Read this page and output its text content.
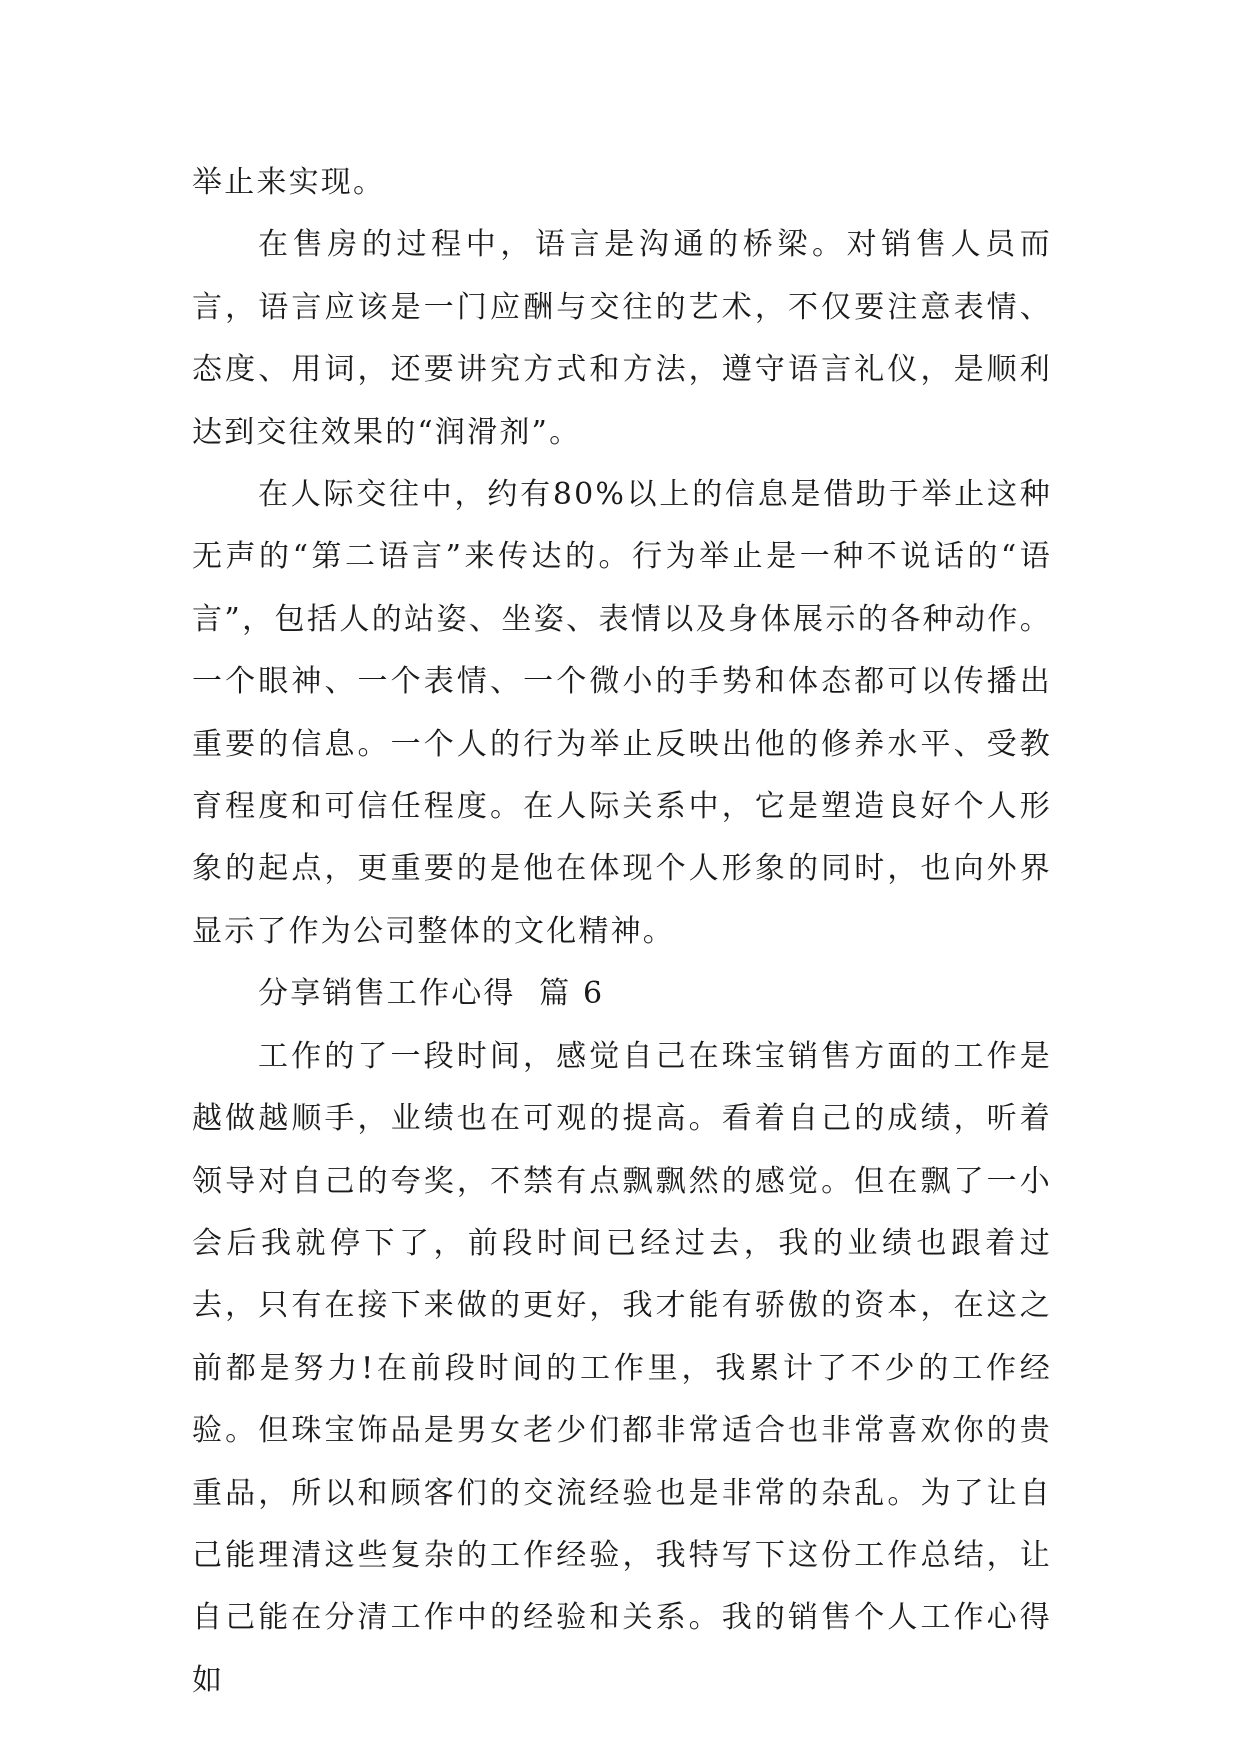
举止来实现。

在售房的过程中，语言是沟通的桥梁。对销售人员而言，语言应该是一门应酬与交往的艺术，不仅要注意表情、态度、用词，还要讲究方式和方法，遵守语言礼仪，是顺利达到交往效果的“润滑剂”。

在人际交往中，约有80%以上的信息是借助于举止这种无声的“第二语言”来传达的。行为举止是一种不说话的“语言”，包括人的站姿、坐姿、表情以及身体展示的各种动作。一个眼神、一个表情、一个微小的手势和体态都可以传播出重要的信息。一个人的行为举止反映出他的修养水平、受教育程度和可信任程度。在人际关系中，它是塑造良好个人形象的起点，更重要的是他在体现个人形象的同时，也向外界显示了作为公司整体的文化精神。

分享销售工作心得  篇 6

工作的了一段时间，感觉自己在珠宝销售方面的工作是越做越顺手，业绩也在可观的提高。看着自己的成绩，听着领导对自己的夸奖，不禁有点飘飘然的感觉。但在飘了一小会后我就停下了，前段时间已经过去，我的业绩也跟着过去，只有在接下来做的更好，我才能有骄傲的资本，在这之前都是努力!在前段时间的工作里，我累计了不少的工作经验。但珠宝饰品是男女老少们都非常适合也非常喜欢你的贵重品，所以和顾客们的交流经验也是非常的杂乱。为了让自己能理清这些复杂的工作经验，我特写下这份工作总结，让自己能在分清工作中的经验和关系。我的销售个人工作心得如
